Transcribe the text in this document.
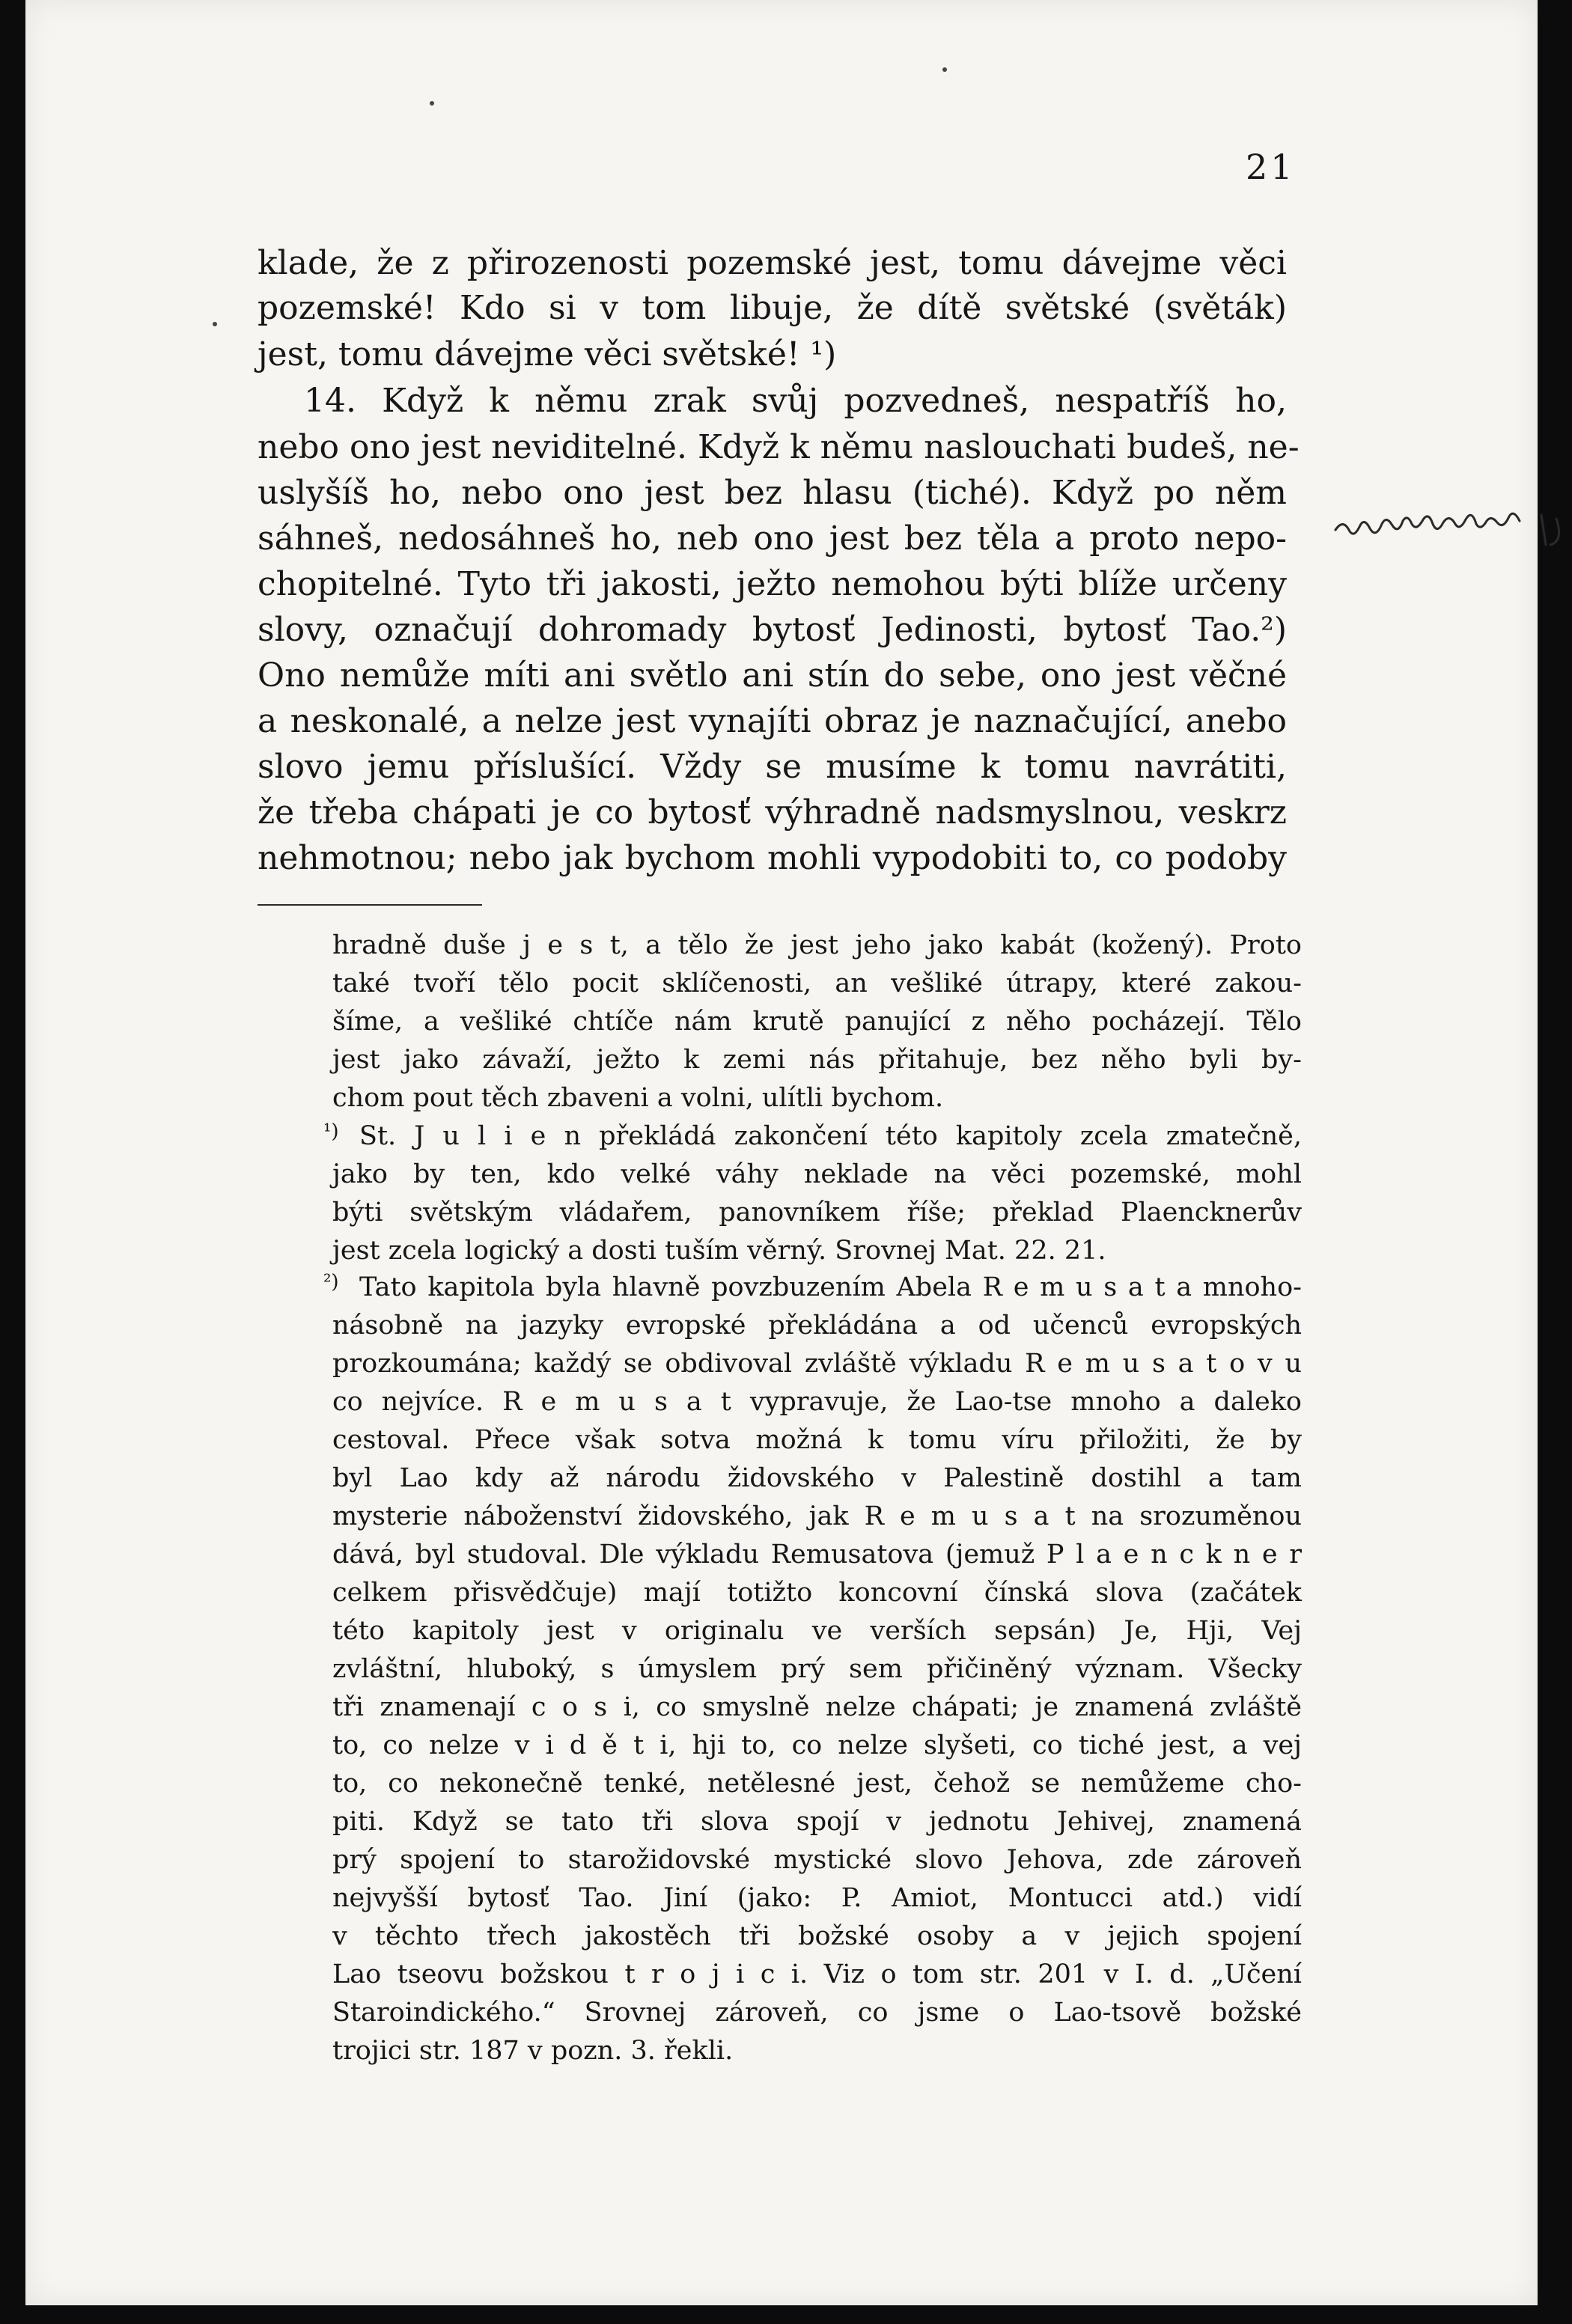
21
klade, že z přirozenosti pozemské jest, tomu dávejme věci
pozemské! Kdo si v tom libuje, že dítě světské (světák)
jest, tomu dávejme věci světské! ¹)
14. Když k němu zrak svůj pozvedneš, nespatříš ho,
nebo ono jest neviditelné. Když k němu naslouchati budeš, ne-
uslyšíš ho, nebo ono jest bez hlasu (tiché). Když po něm
sáhneš, nedosáhneš ho, neb ono jest bez těla a proto nepo-
chopitelné. Tyto tři jakosti, ježto nemohou býti blíže určeny
slovy, označují dohromady bytosť Jedinosti, bytosť Tao.²)
Ono nemůže míti ani světlo ani stín do sebe, ono jest věčné
a neskonalé, a nelze jest vynajíti obraz je naznačující, anebo
slovo jemu příslušící. Vždy se musíme k tomu navrátiti,
že třeba chápati je co bytosť výhradně nadsmyslnou, veskrz
nehmotnou; nebo jak bychom mohli vypodobiti to, co podoby
hradně duše j e s t, a tělo že jest jeho jako kabát (kožený). Proto
také tvoří tělo pocit sklíčenosti, an vešliké útrapy, které zakou-
šíme, a vešliké chtíče nám krutě panující z něho pocházejí. Tělo
jest jako závaží, ježto k zemi nás přitahuje, bez něho byli by-
chom pout těch zbaveni a volni, ulítli bychom.
¹) St. J u l i e n překládá zakončení této kapitoly zcela zmatečně,
jako by ten, kdo velké váhy neklade na věci pozemské, mohl
býti světským vládařem, panovníkem říše; překlad Plaencknerův
jest zcela logický a dosti tuším věrný. Srovnej Mat. 22. 21.
²) Tato kapitola byla hlavně povzbuzením Abela R e m u s a t a mnoho-
násobně na jazyky evropské překládána a od učenců evropských
prozkoumána; každý se obdivoval zvláště výkladu R e m u s a t o v u
co nejvíce. R e m u s a t vypravuje, že Lao-tse mnoho a daleko
cestoval. Přece však sotva možná k tomu víru přiložiti, že by
byl Lao kdy až národu židovského v Palestině dostihl a tam
mysterie náboženství židovského, jak R e m u s a t na srozuměnou
dává, byl studoval. Dle výkladu Remusatova (jemuž P l a e n c k n e r
celkem přisvědčuje) mají totižto koncovní čínská slova (začátek
této kapitoly jest v originalu ve verších sepsán) Je, Hji, Vej
zvláštní, hluboký, s úmyslem prý sem přičiněný význam. Všecky
tři znamenají c o s i, co smyslně nelze chápati; je znamená zvláště
to, co nelze v i d ě t i, hji to, co nelze slyšeti, co tiché jest, a vej
to, co nekonečně tenké, netělesné jest, čehož se nemůžeme cho-
piti. Když se tato tři slova spojí v jednotu Jehivej, znamená
prý spojení to starožidovské mystické slovo Jehova, zde zároveň
nejvyšší bytosť Tao. Jiní (jako: P. Amiot, Montucci atd.) vidí
v těchto třech jakostěch tři božské osoby a v jejich spojení
Lao tseovu božskou t r o j i c i. Viz o tom str. 201 v I. d. „Učení
Staroindického.“ Srovnej zároveň, co jsme o Lao-tsově božské
trojici str. 187 v pozn. 3. řekli.
